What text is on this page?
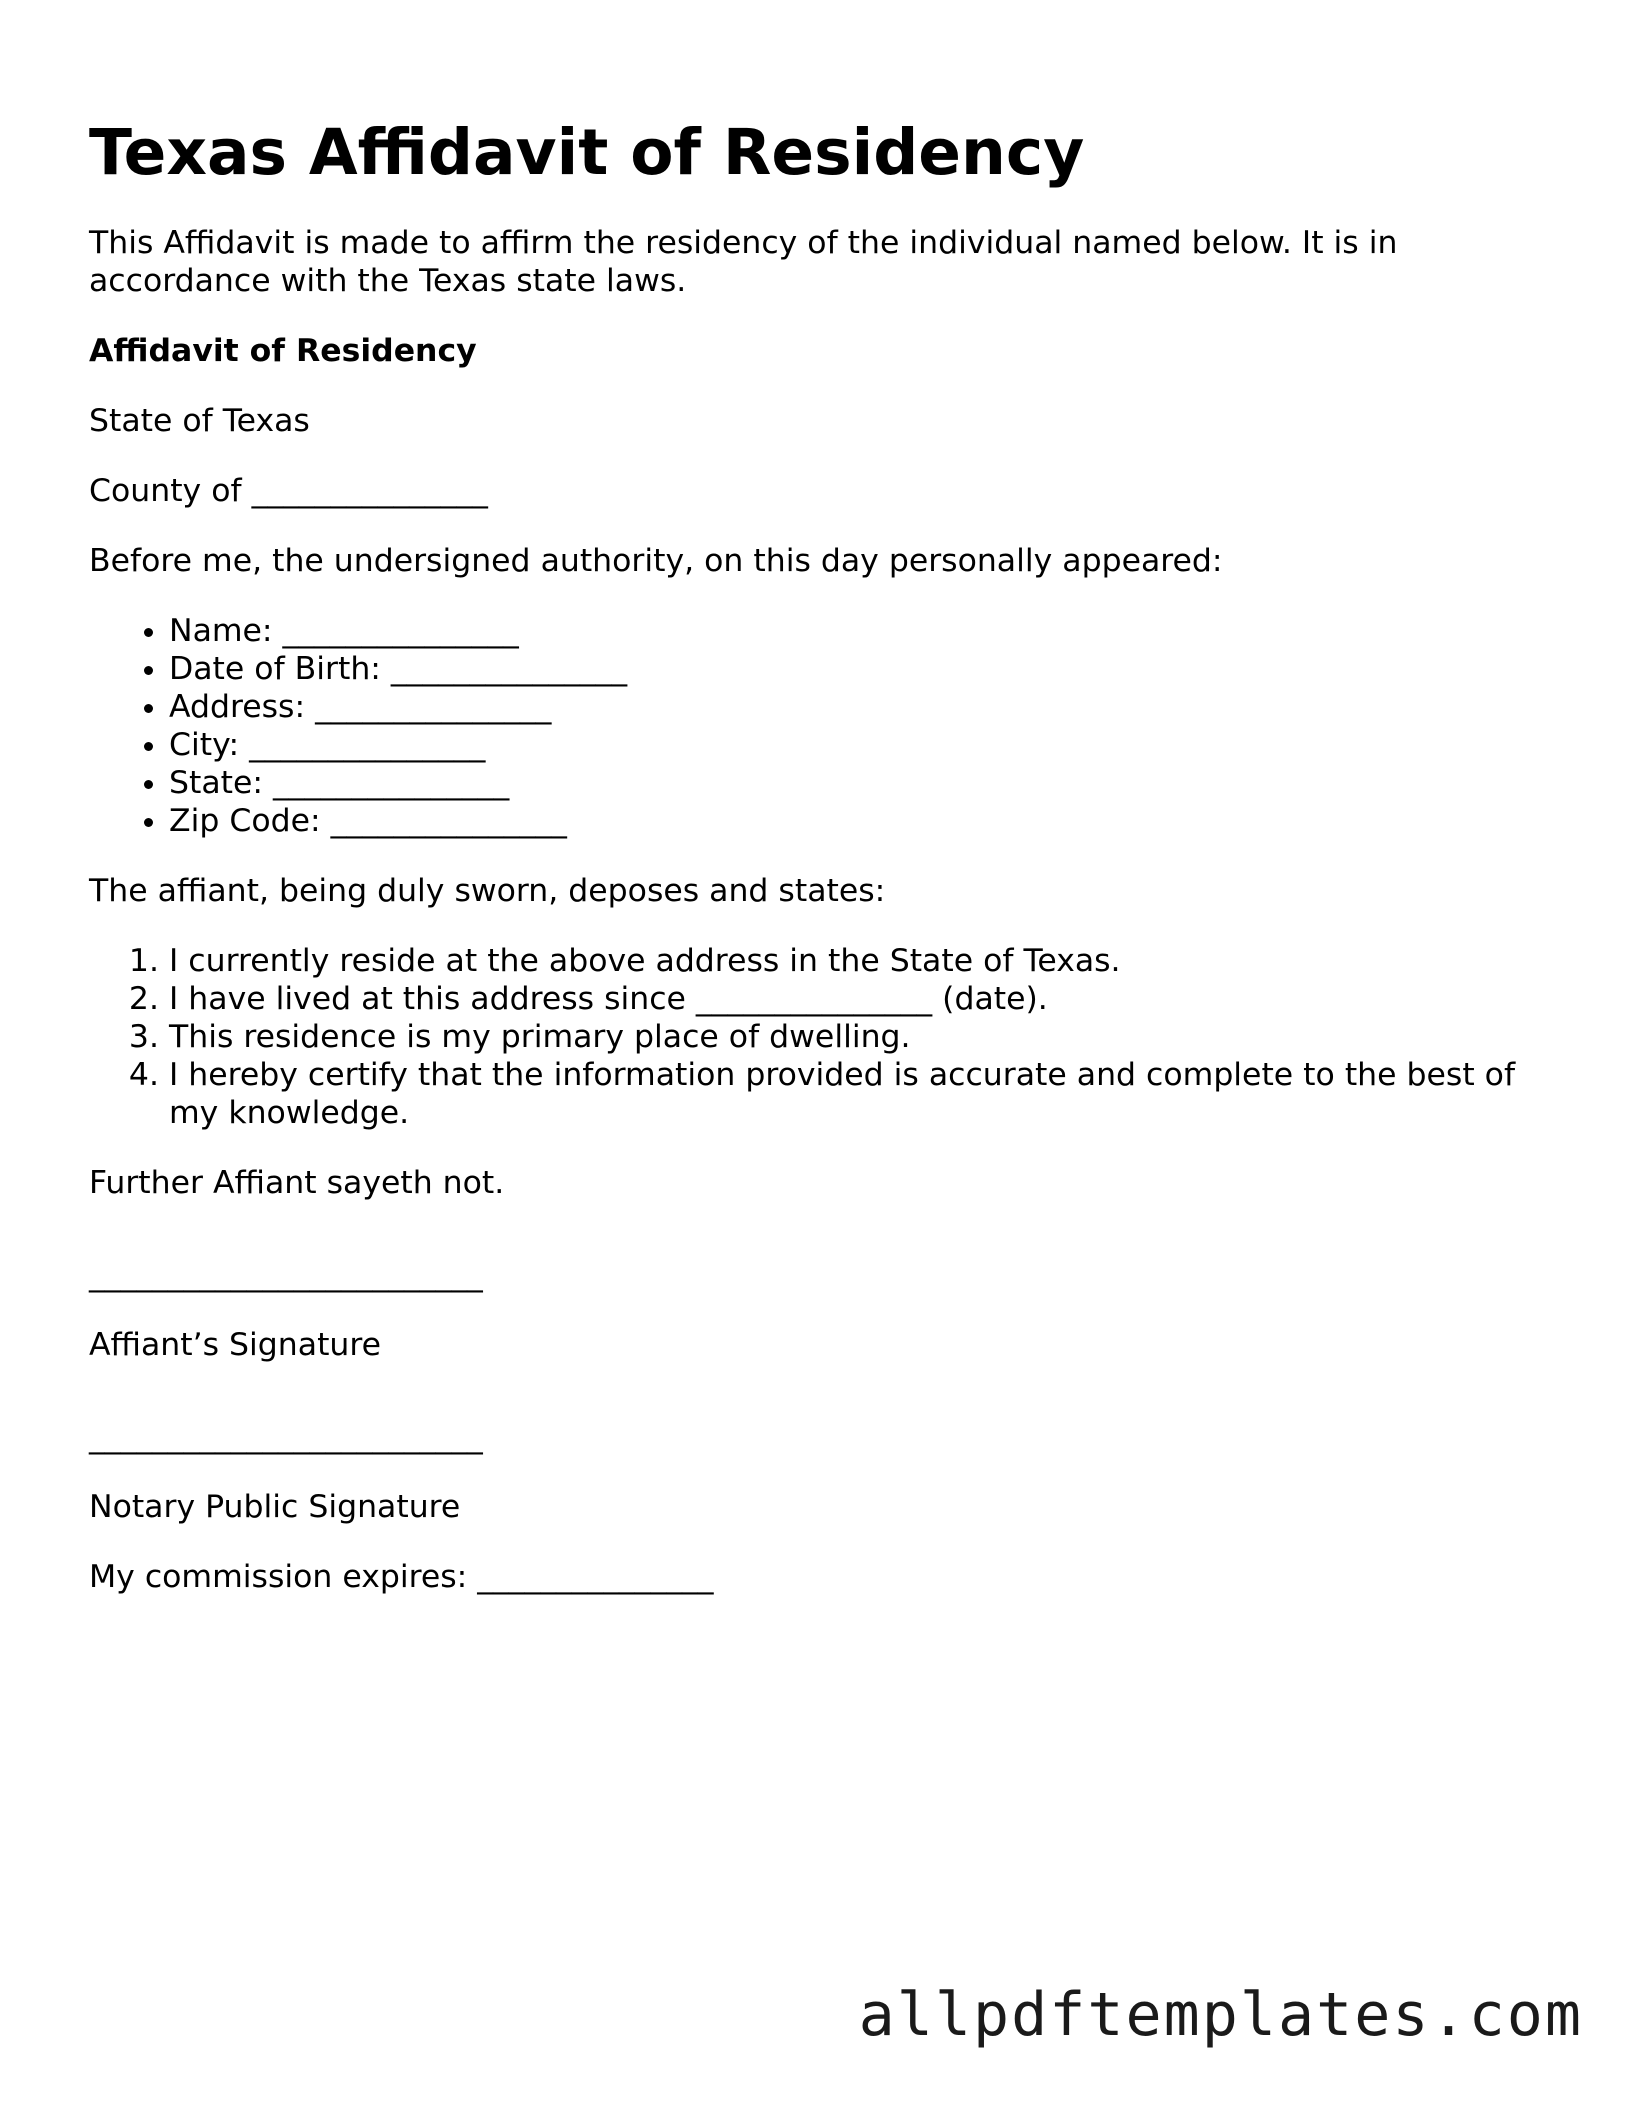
Texas Affidavit of Residency

This Affidavit is made to affirm the residency of the individual named below. It is in accordance with the Texas state laws.

Affidavit of Residency

State of Texas

County of _______________

Before me, the undersigned authority, on this day personally appeared:

• Name: _______________
• Date of Birth: _______________
• Address: _______________
• City: _______________
• State: _______________
• Zip Code: _______________

The affiant, being duly sworn, deposes and states:

1. I currently reside at the above address in the State of Texas.
2. I have lived at this address since _______________ (date).
3. This residence is my primary place of dwelling.
4. I hereby certify that the information provided is accurate and complete to the best of my knowledge.

Further Affiant sayeth not.

_________________________

Affiant’s Signature

_________________________

Notary Public Signature

My commission expires: _______________

allpdftemplates.com
